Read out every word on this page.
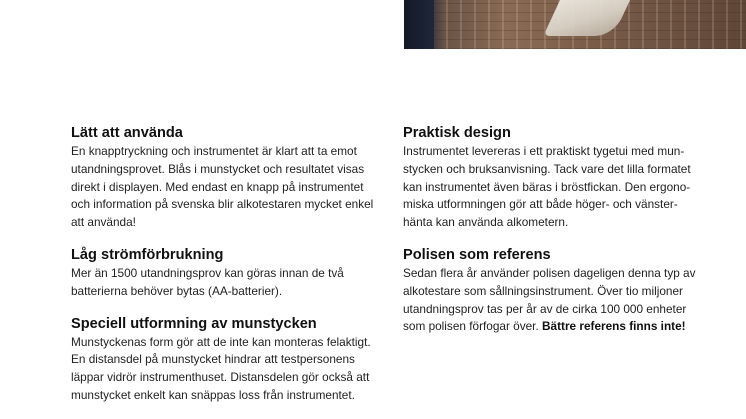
Lätt att använda

En knapptryckning och instrumentet är klart att ta emot
utandningsprovet. Blås i munstycket och resultatet visas
direkt i displayen. Med endast en knapp på instrumentet
och information på svenska blir alkotestaren mycket enkel
att använda!

Låg strömförbrukning

Mer än 1500 utandningsprov kan göras innan de två
batterierna behöver bytas (AA-batterier).

Speciell utformning av munstycken

Munstyckenas form gör att de inte kan monteras felaktigt.
En distansdel på munstycket hindrar att testpersonens
läppar vidrör instrumenthuset. Distansdelen gör också att
munstycket enkelt kan snäppas loss från instrumentet.

Praktisk design

Instrumentet levereras i ett praktiskt tygetui med mun-
stycken och bruksanvisning. Tack vare det lilla formatet
kan instrumentet även bäras i bröstfickan. Den ergono-
miska utformningen gör att både höger- och vänster-
hänta kan använda alkometern.

Polisen som referens

Sedan flera år använder polisen dageligen denna typ av
alkotestare som sållningsinstrument. Över tio miljoner
utandningsprov tas per år av de cirka 100 000 enheter
som polisen förfogar över. Bättre referens finns inte!
